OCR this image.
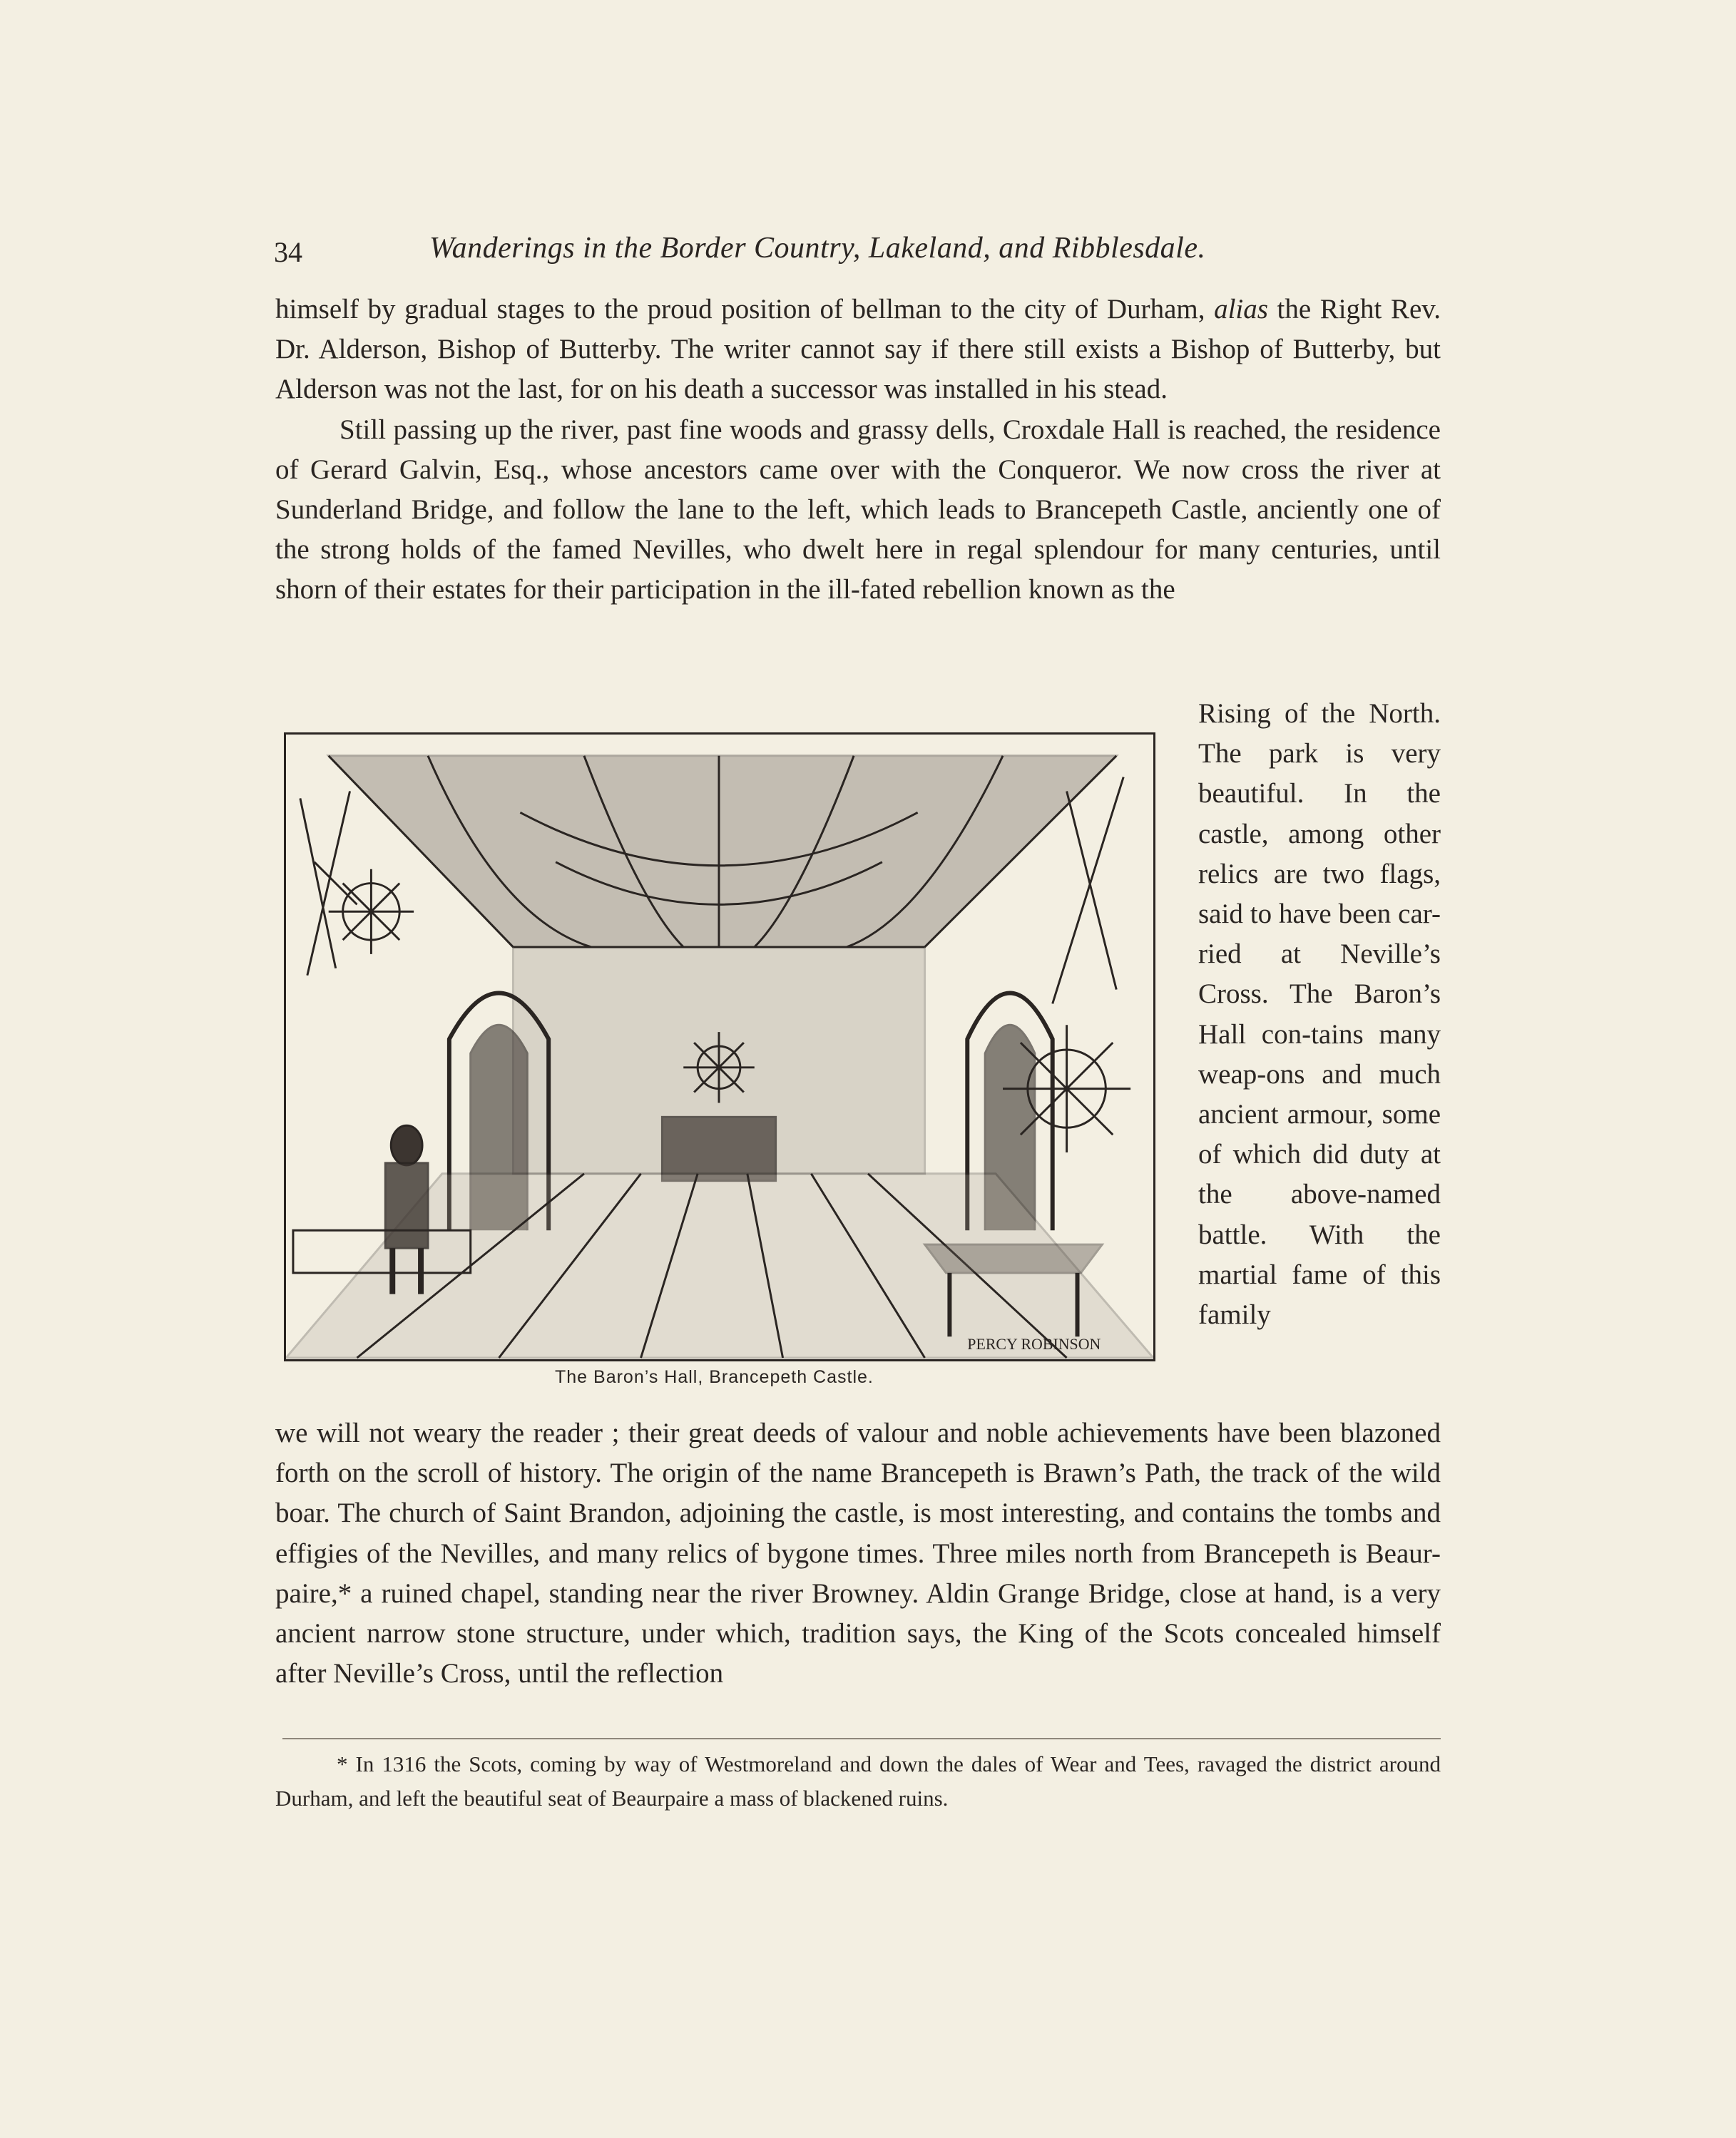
34	Wanderings in the Border Country, Lakeland, and Ribblesdale.

himself by gradual stages to the proud position of bellman to the city of Durham, alias the Right Rev. Dr. Alderson, Bishop of Butterby. The writer cannot say if there still exists a Bishop of Butterby, but Alderson was not the last, for on his death a successor was installed in his stead.

Still passing up the river, past fine woods and grassy dells, Croxdale Hall is reached, the residence of Gerard Galvin, Esq., whose ancestors came over with the Conqueror. We now cross the river at Sunderland Bridge, and follow the lane to the left, which leads to Brancepeth Castle, anciently one of the strong holds of the famed Nevilles, who dwelt here in regal splendour for many centuries, until shorn of their estates for their participation in the ill-fated rebellion known as the

PERCY ROBINSON
The Baron’s Hall, Brancepeth Castle.
Rising of the North. The park is very beautiful. In the castle, among other relics are two flags, said to have been car-ried at Neville’s Cross. The Baron’s Hall con-tains many weap-ons and much ancient armour, some of which did duty at the above-named battle. With the martial fame of this family
we will not weary the reader ; their great deeds of valour and noble achievements have been blazoned forth on the scroll of history. The origin of the name Brancepeth is Brawn’s Path, the track of the wild boar. The church of Saint Brandon, adjoining the castle, is most interesting, and contains the tombs and effigies of the Nevilles, and many relics of bygone times. Three miles north from Brancepeth is Beaur-paire,* a ruined chapel, standing near the river Browney. Aldin Grange Bridge, close at hand, is a very ancient narrow stone structure, under which, tradition says, the King of the Scots concealed himself after Neville’s Cross, until the reflection
* In 1316 the Scots, coming by way of Westmoreland and down the dales of Wear and Tees, ravaged the district around Durham, and left the beautiful seat of Beaurpaire a mass of blackened ruins.
